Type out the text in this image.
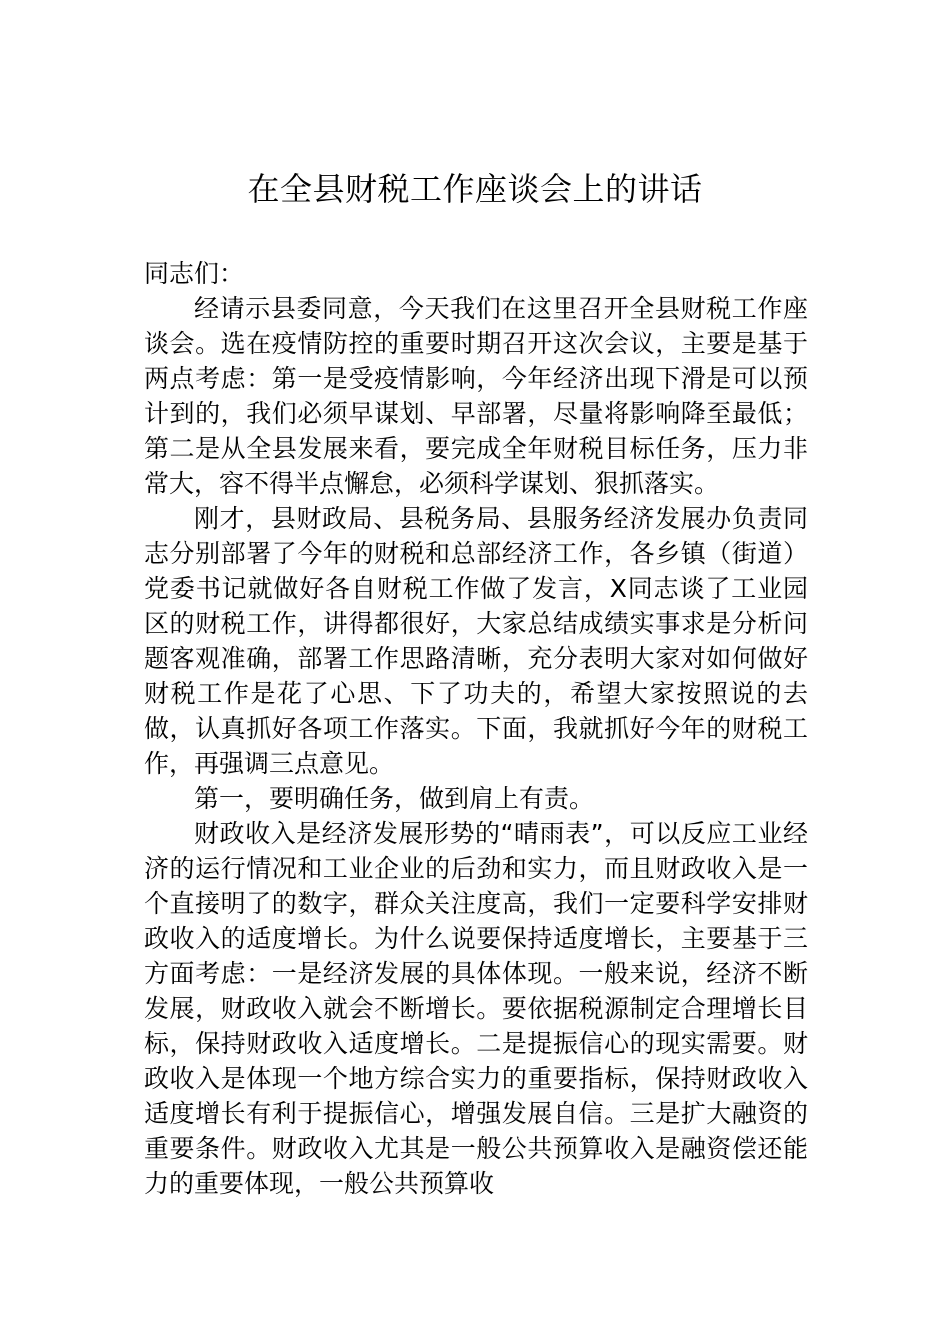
在全县财税工作座谈会上的讲话

同志们：

经请示县委同意，今天我们在这里召开全县财税工作座谈会。选在疫情防控的重要时期召开这次会议，主要是基于两点考虑：第一是受疫情影响，今年经济出现下滑是可以预计到的，我们必须早谋划、早部署，尽量将影响降至最低；第二是从全县发展来看，要完成全年财税目标任务，压力非常大，容不得半点懈怠，必须科学谋划、狠抓落实。

刚才，县财政局、县税务局、县服务经济发展办负责同志分别部署了今年的财税和总部经济工作，各乡镇（街道）党委书记就做好各自财税工作做了发言，X同志谈了工业园区的财税工作，讲得都很好，大家总结成绩实事求是分析问题客观准确，部署工作思路清晰，充分表明大家对如何做好财税工作是花了心思、下了功夫的，希望大家按照说的去做，认真抓好各项工作落实。下面，我就抓好今年的财税工作，再强调三点意见。

第一，要明确任务，做到肩上有责。

财政收入是经济发展形势的“晴雨表”，可以反应工业经济的运行情况和工业企业的后劲和实力，而且财政收入是一个直接明了的数字，群众关注度高，我们一定要科学安排财政收入的适度增长。为什么说要保持适度增长，主要基于三方面考虑：一是经济发展的具体体现。一般来说，经济不断发展，财政收入就会不断增长。要依据税源制定合理增长目标，保持财政收入适度增长。二是提振信心的现实需要。财政收入是体现一个地方综合实力的重要指标，保持财政收入适度增长有利于提振信心，增强发展自信。三是扩大融资的重要条件。财政收入尤其是一般公共预算收入是融资偿还能力的重要体现，一般公共预算收
